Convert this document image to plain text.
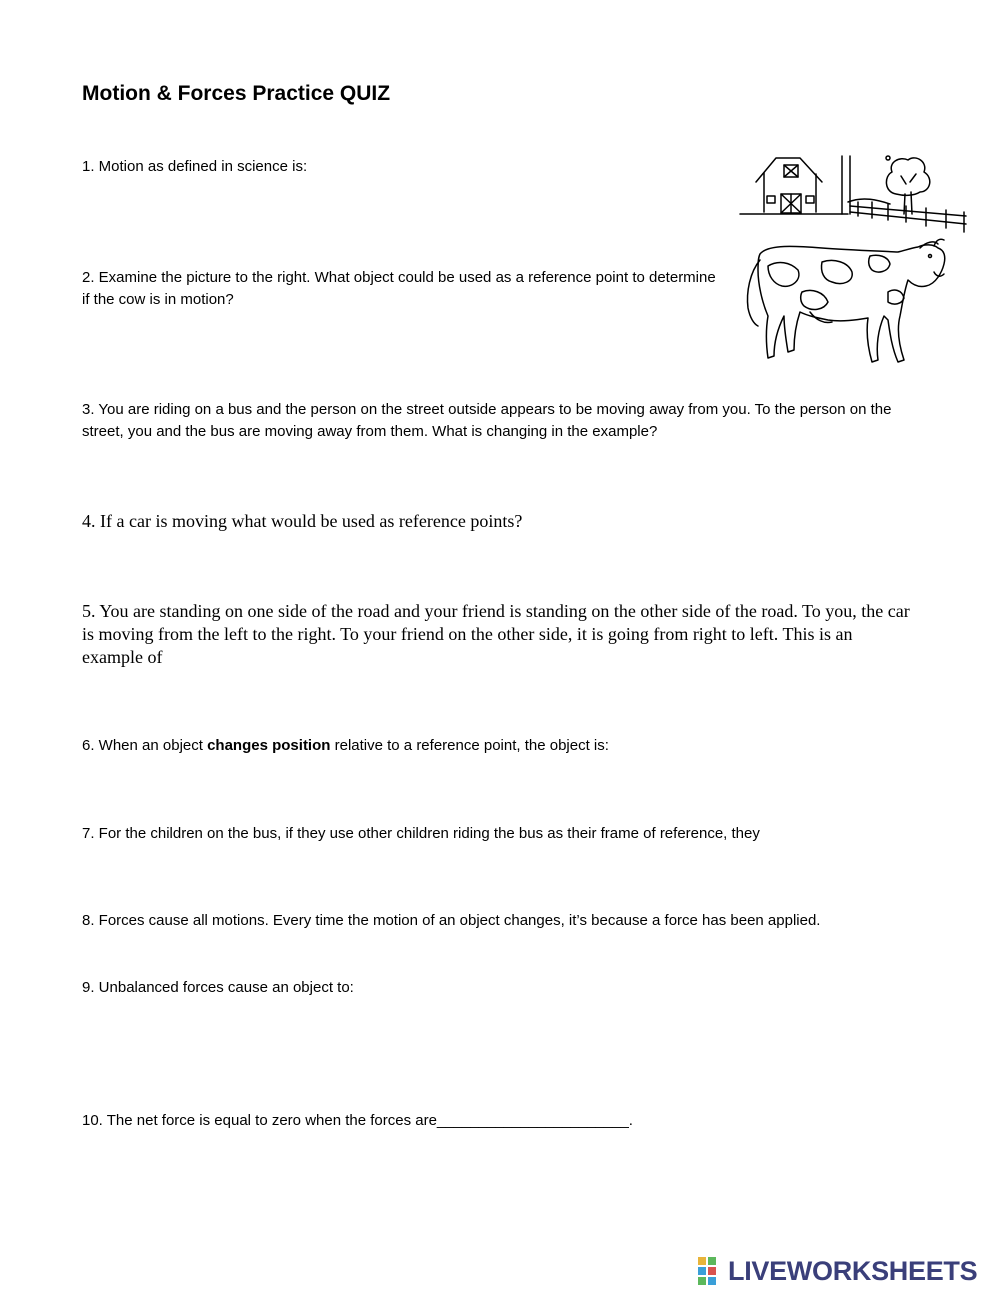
Motion & Forces Practice QUIZ

1. Motion as defined in science is:

2. Examine the picture to the right. What object could be used as a reference point to determine if the cow is in motion?

3. You are riding on a bus and the person on the street outside appears to be moving away from you. To the person on the street, you and the bus are moving away from them. What is changing in the example?

4. If a car is moving what would be used as reference points?

5. You are standing on one side of the road and your friend is standing on the other side of the road. To you, the car is moving from the left to the right. To your friend on the other side, it is going from right to left. This is an example of

6. When an object changes position relative to a reference point, the object is:

7. For the children on the bus, if they use other children riding the bus as their frame of reference, they

8. Forces cause all motions. Every time the motion of an object changes, it’s because a force has been applied.

9. Unbalanced forces cause an object to:

10. The net force is equal to zero when the forces are_______________________.

LIVEWORKSHEETS
